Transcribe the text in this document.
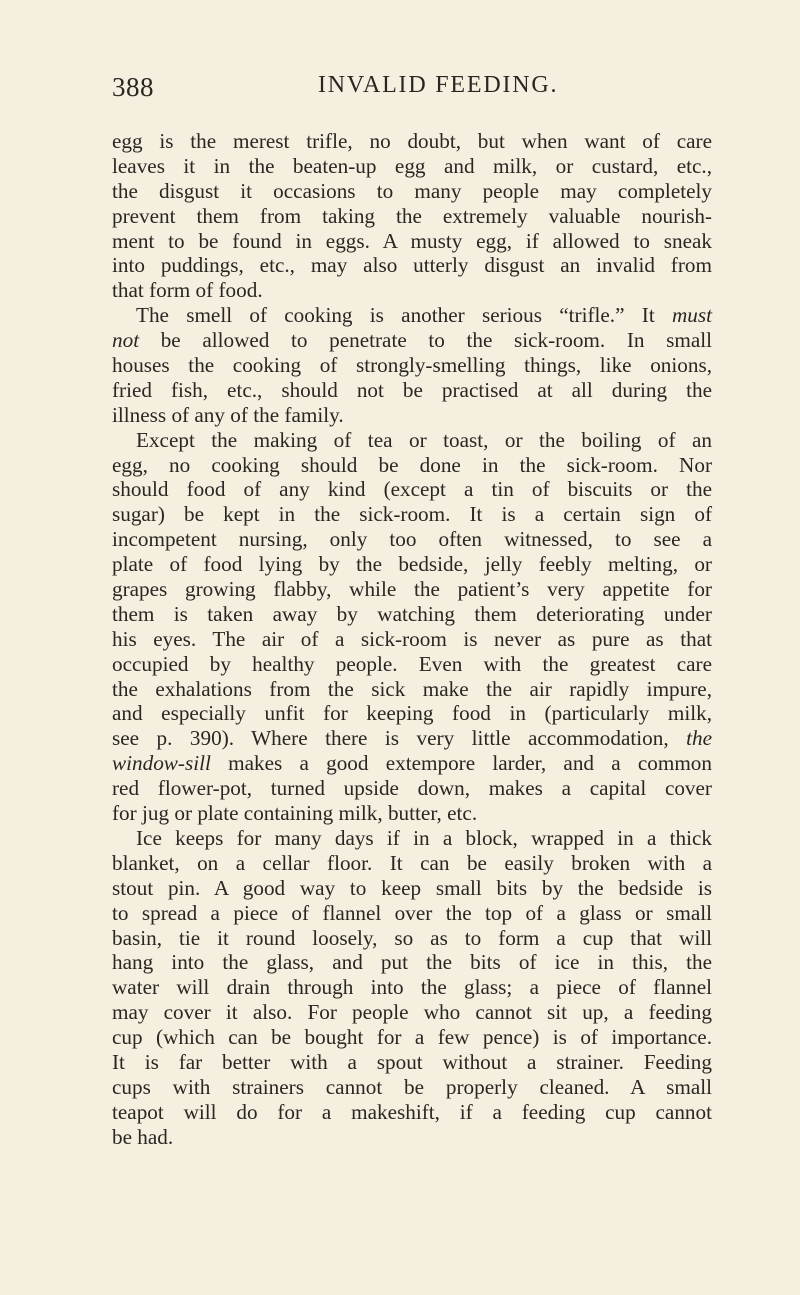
388	INVALID FEEDING.
egg is the merest trifle, no doubt, but when want of care
leaves it in the beaten-up egg and milk, or custard, etc.,
the disgust it occasions to many people may completely
prevent them from taking the extremely valuable nourish-
ment to be found in eggs. A musty egg, if allowed to sneak
into puddings, etc., may also utterly disgust an invalid from
that form of food.
The smell of cooking is another serious “trifle.” It must
not be allowed to penetrate to the sick-room. In small
houses the cooking of strongly-smelling things, like onions,
fried fish, etc., should not be practised at all during the
illness of any of the family.
Except the making of tea or toast, or the boiling of an
egg, no cooking should be done in the sick-room. Nor
should food of any kind (except a tin of biscuits or the
sugar) be kept in the sick-room. It is a certain sign of
incompetent nursing, only too often witnessed, to see a
plate of food lying by the bedside, jelly feebly melting, or
grapes growing flabby, while the patient’s very appetite for
them is taken away by watching them deteriorating under
his eyes. The air of a sick-room is never as pure as that
occupied by healthy people. Even with the greatest care
the exhalations from the sick make the air rapidly impure,
and especially unfit for keeping food in (particularly milk,
see p. 390). Where there is very little accommodation, the
window-sill makes a good extempore larder, and a common
red flower-pot, turned upside down, makes a capital cover
for jug or plate containing milk, butter, etc.
Ice keeps for many days if in a block, wrapped in a thick
blanket, on a cellar floor. It can be easily broken with a
stout pin. A good way to keep small bits by the bedside is
to spread a piece of flannel over the top of a glass or small
basin, tie it round loosely, so as to form a cup that will
hang into the glass, and put the bits of ice in this, the
water will drain through into the glass; a piece of flannel
may cover it also. For people who cannot sit up, a feeding
cup (which can be bought for a few pence) is of importance.
It is far better with a spout without a strainer. Feeding
cups with strainers cannot be properly cleaned. A small
teapot will do for a makeshift, if a feeding cup cannot
be had.
